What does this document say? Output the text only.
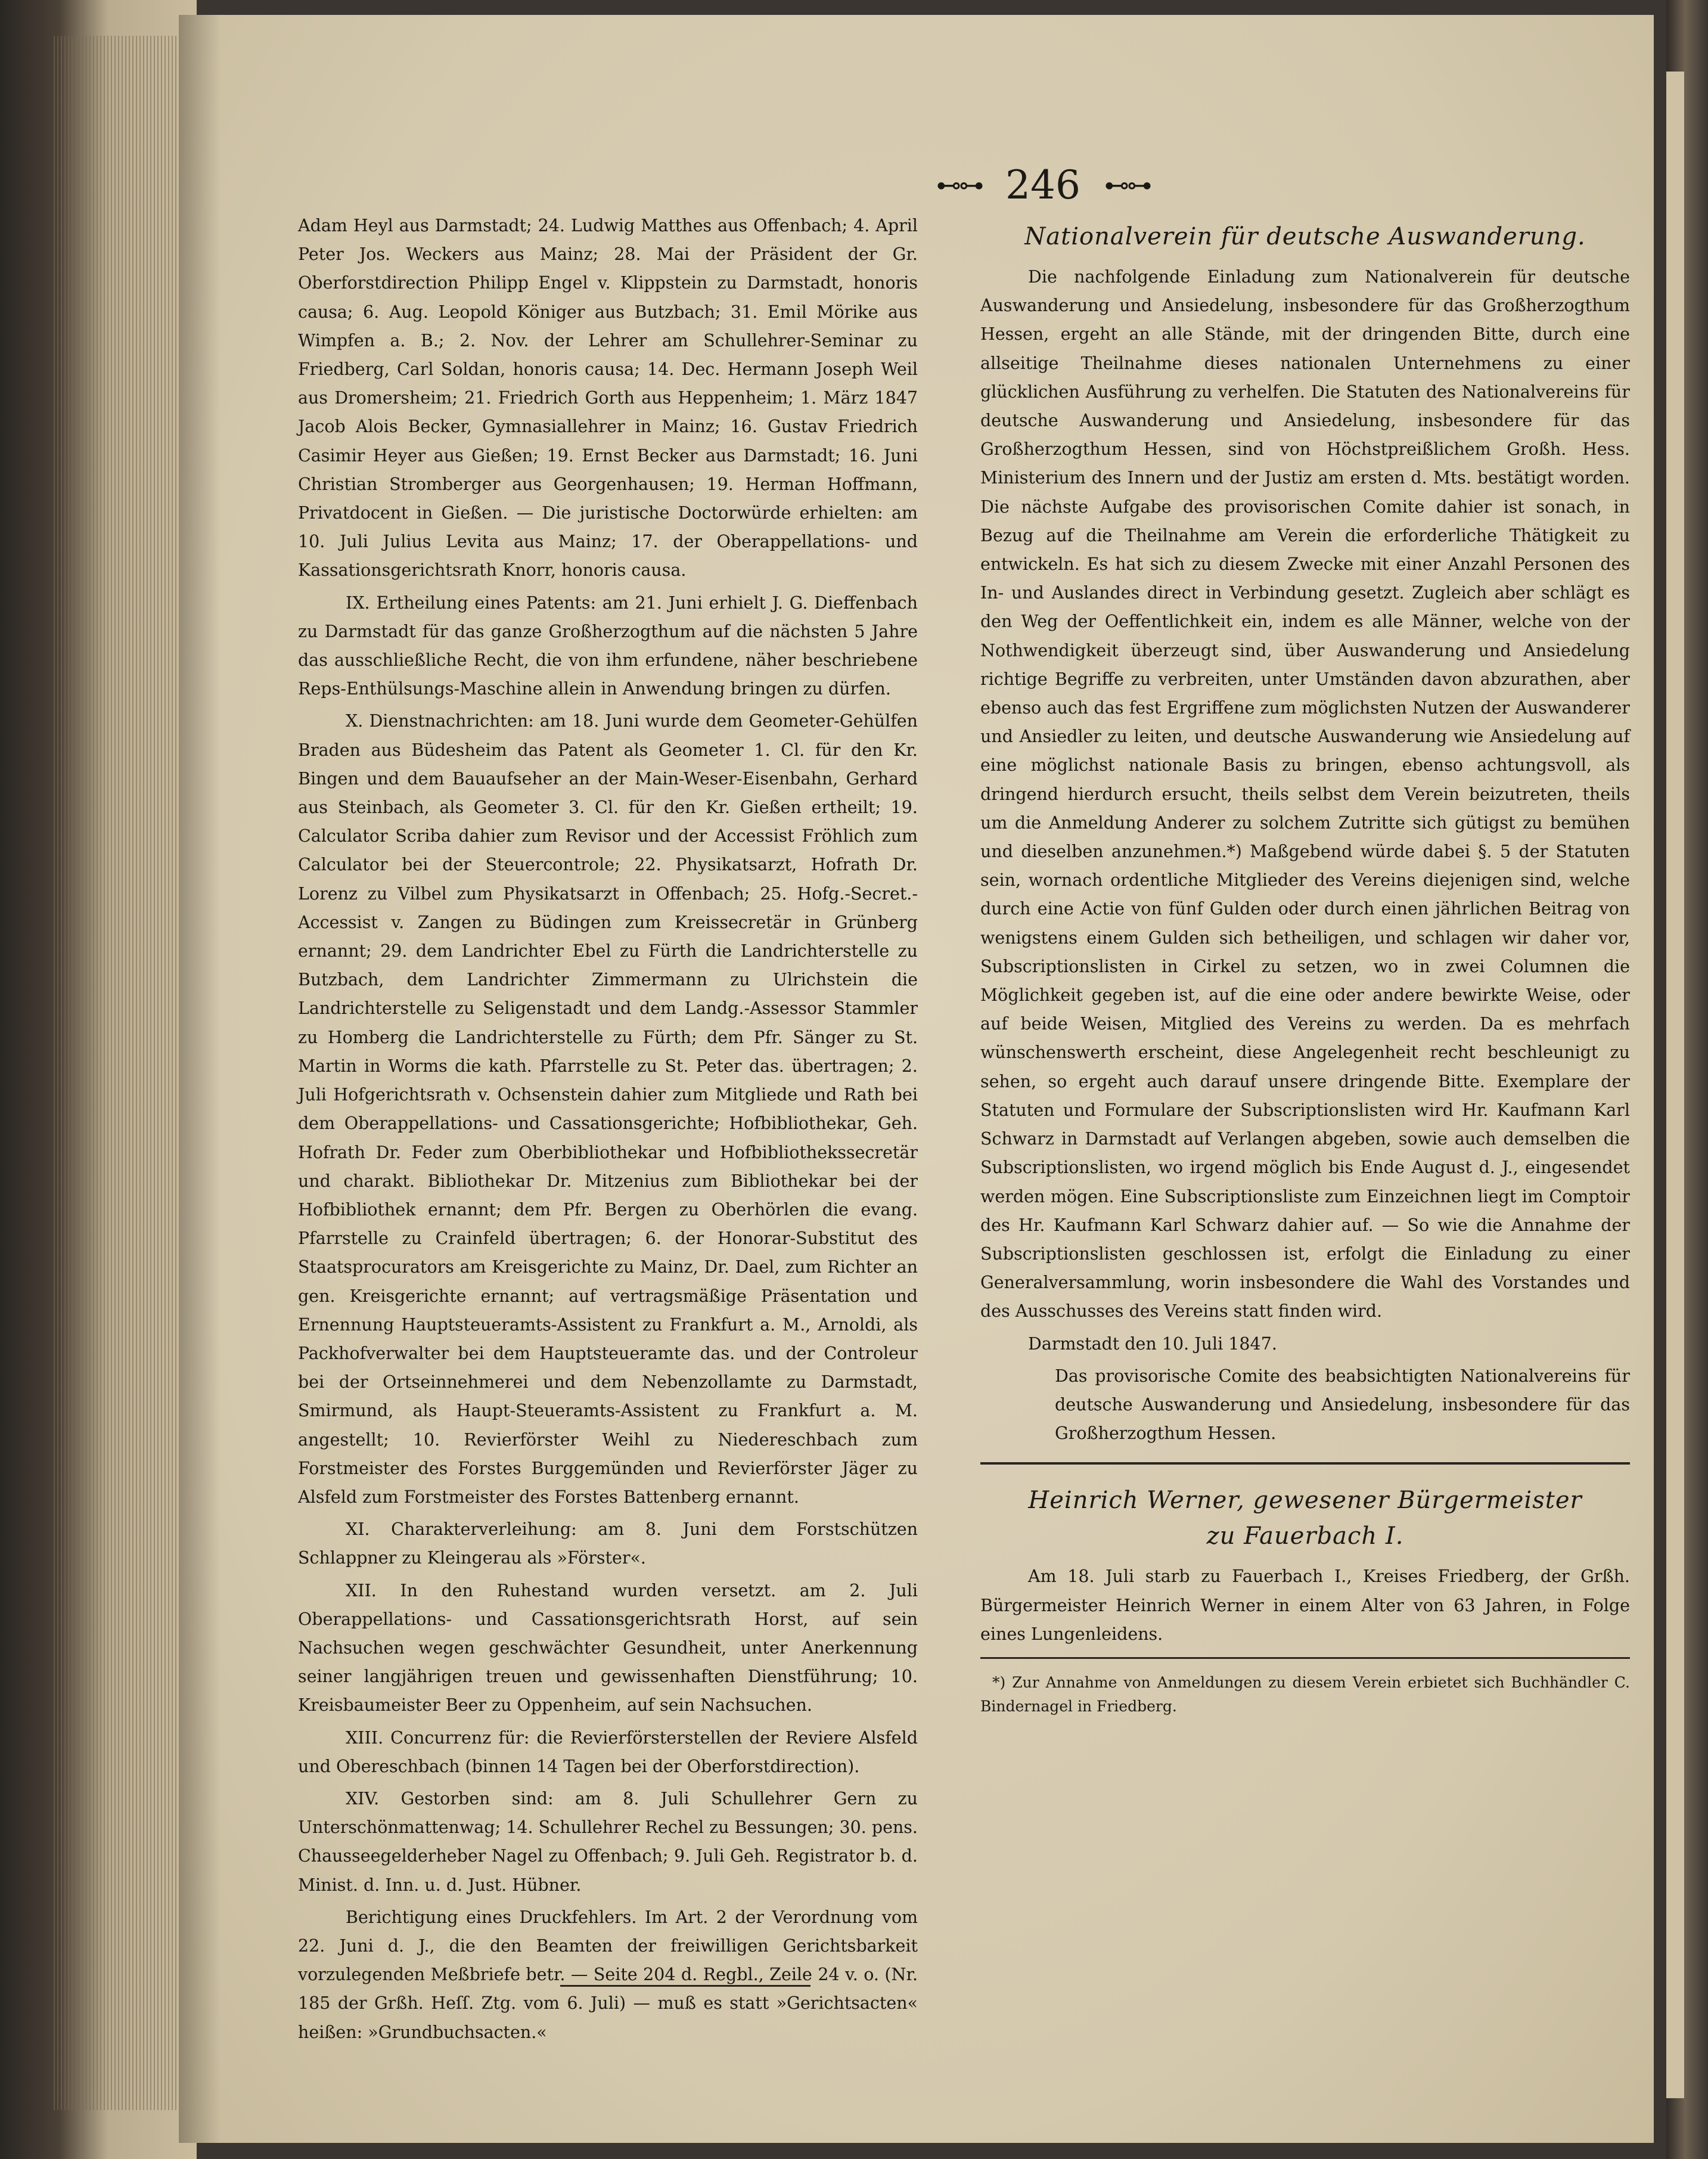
⊷⊶ 246 ⊷⊶

Adam Heyl aus Darmstadt; 24. Ludwig Matthes aus Offenbach; 4. April Peter Jos. Weckers aus Mainz; 28. Mai der Präsident der Gr. Oberforstdirection Philipp Engel v. Klippstein zu Darmstadt, honoris causa; 6. Aug. Leopold Königer aus Butzbach; 31. Emil Mörike aus Wimpfen a. B.; 2. Nov. der Lehrer am Schullehrer-Seminar zu Friedberg, Carl Soldan, honoris causa; 14. Dec. Hermann Joseph Weil aus Dromersheim; 21. Friedrich Gorth aus Heppenheim; 1. März 1847 Jacob Alois Becker, Gymnasiallehrer in Mainz; 16. Gustav Friedrich Casimir Heyer aus Gießen; 19. Ernst Becker aus Darmstadt; 16. Juni Christian Stromberger aus Georgenhausen; 19. Herman Hoffmann, Privatdocent in Gießen. — Die juristische Doctorwürde erhielten: am 10. Juli Julius Levita aus Mainz; 17. der Oberappellations- und Kassationsgerichtsrath Knorr, honoris causa.

IX. Ertheilung eines Patents: am 21. Juni erhielt J. G. Dieffenbach zu Darmstadt für das ganze Großherzogthum auf die nächsten 5 Jahre das ausschließliche Recht, die von ihm erfundene, näher beschriebene Reps-Enthülsungs-Maschine allein in Anwendung bringen zu dürfen.

X. Dienstnachrichten: am 18. Juni wurde dem Geometer-Gehülfen Braden aus Büdesheim das Patent als Geometer 1. Cl. für den Kr. Bingen und dem Bauaufseher an der Main-Weser-Eisenbahn, Gerhard aus Steinbach, als Geometer 3. Cl. für den Kr. Gießen ertheilt; 19. Calculator Scriba dahier zum Revisor und der Accessist Fröhlich zum Calculator bei der Steuercontrole; 22. Physikatsarzt, Hofrath Dr. Lorenz zu Vilbel zum Physikatsarzt in Offenbach; 25. Hofg.-Secret.-Accessist v. Zangen zu Büdingen zum Kreissecretär in Grünberg ernannt; 29. dem Landrichter Ebel zu Fürth die Landrichterstelle zu Butzbach, dem Landrichter Zimmermann zu Ulrichstein die Landrichterstelle zu Seligenstadt und dem Landg.-Assessor Stammler zu Homberg die Landrichterstelle zu Fürth; dem Pfr. Sänger zu St. Martin in Worms die kath. Pfarrstelle zu St. Peter das. übertragen; 2. Juli Hofgerichtsrath v. Ochsenstein dahier zum Mitgliede und Rath bei dem Oberappellations- und Cassationsgerichte; Hofbibliothekar, Geh. Hofrath Dr. Feder zum Oberbibliothekar und Hofbibliothekssecretär und charakt. Bibliothekar Dr. Mitzenius zum Bibliothekar bei der Hofbibliothek ernannt; dem Pfr. Bergen zu Oberhörlen die evang. Pfarrstelle zu Crainfeld übertragen; 6. der Honorar-Substitut des Staatsprocurators am Kreisgerichte zu Mainz, Dr. Dael, zum Richter an gen. Kreisgerichte ernannt; auf vertragsmäßige Präsentation und Ernennung Hauptsteueramts-Assistent zu Frankfurt a. M., Arnoldi, als Packhofverwalter bei dem Hauptsteueramte das. und der Controleur bei der Ortseinnehmerei und dem Nebenzollamte zu Darmstadt, Smirmund, als Haupt-Steueramts-Assistent zu Frankfurt a. M. angestellt; 10. Revierförster Weihl zu Niedereschbach zum Forstmeister des Forstes Burggemünden und Revierförster Jäger zu Alsfeld zum Forstmeister des Forstes Battenberg ernannt.

XI. Charakterverleihung: am 8. Juni dem Forstschützen Schlappner zu Kleingerau als »Förster«.

XII. In den Ruhestand wurden versetzt. am 2. Juli Oberappellations- und Cassationsgerichtsrath Horst, auf sein Nachsuchen wegen geschwächter Gesundheit, unter Anerkennung seiner langjährigen treuen und gewissenhaften Dienstführung; 10. Kreisbaumeister Beer zu Oppenheim, auf sein Nachsuchen.

XIII. Concurrenz für: die Revierförsterstellen der Reviere Alsfeld und Obereschbach (binnen 14 Tagen bei der Oberforstdirection).

XIV. Gestorben sind: am 8. Juli Schullehrer Gern zu Unterschönmattenwag; 14. Schullehrer Rechel zu Bessungen; 30. pens. Chausseegelderheber Nagel zu Offenbach; 9. Juli Geh. Registrator b. d. Minist. d. Inn. u. d. Just. Hübner.

Berichtigung eines Druckfehlers. Im Art. 2 der Verordnung vom 22. Juni d. J., die den Beamten der freiwilligen Gerichtsbarkeit vorzulegenden Meßbriefe betr. — Seite 204 d. Regbl., Zeile 24 v. o. (Nr. 185 der Grßh. Heſſ. Ztg. vom 6. Juli) — muß es statt »Gerichtsacten« heißen: »Grundbuchsacten.«

Nationalverein für deutsche Auswanderung.

Die nachfolgende Einladung zum Nationalverein für deutsche Auswanderung und Ansiedelung, insbesondere für das Großherzogthum Hessen, ergeht an alle Stände, mit der dringenden Bitte, durch eine allseitige Theilnahme dieses nationalen Unternehmens zu einer glücklichen Ausführung zu verhelfen. Die Statuten des Nationalvereins für deutsche Auswanderung und Ansiedelung, insbesondere für das Großherzogthum Hessen, sind von Höchstpreißlichem Großh. Hess. Ministerium des Innern und der Justiz am ersten d. Mts. bestätigt worden. Die nächste Aufgabe des provisorischen Comite dahier ist sonach, in Bezug auf die Theilnahme am Verein die erforderliche Thätigkeit zu entwickeln. Es hat sich zu diesem Zwecke mit einer Anzahl Personen des In- und Auslandes direct in Verbindung gesetzt. Zugleich aber schlägt es den Weg der Oeffentlichkeit ein, indem es alle Männer, welche von der Nothwendigkeit überzeugt sind, über Auswanderung und Ansiedelung richtige Begriffe zu verbreiten, unter Umständen davon abzurathen, aber ebenso auch das fest Ergriffene zum möglichsten Nutzen der Auswanderer und Ansiedler zu leiten, und deutsche Auswanderung wie Ansiedelung auf eine möglichst nationale Basis zu bringen, ebenso achtungsvoll, als dringend hierdurch ersucht, theils selbst dem Verein beizutreten, theils um die Anmeldung Anderer zu solchem Zutritte sich gütigst zu bemühen und dieselben anzunehmen.*) Maßgebend würde dabei §. 5 der Statuten sein, wornach ordentliche Mitglieder des Vereins diejenigen sind, welche durch eine Actie von fünf Gulden oder durch einen jährlichen Beitrag von wenigstens einem Gulden sich betheiligen, und schlagen wir daher vor, Subscriptionslisten in Cirkel zu setzen, wo in zwei Columnen die Möglichkeit gegeben ist, auf die eine oder andere bewirkte Weise, oder auf beide Weisen, Mitglied des Vereins zu werden. Da es mehrfach wünschenswerth erscheint, diese Angelegenheit recht beschleunigt zu sehen, so ergeht auch darauf unsere dringende Bitte. Exemplare der Statuten und Formulare der Subscriptionslisten wird Hr. Kaufmann Karl Schwarz in Darmstadt auf Verlangen abgeben, sowie auch demselben die Subscriptionslisten, wo irgend möglich bis Ende August d. J., eingesendet werden mögen. Eine Subscriptionsliste zum Einzeichnen liegt im Comptoir des Hr. Kaufmann Karl Schwarz dahier auf. — So wie die Annahme der Subscriptionslisten geschlossen ist, erfolgt die Einladung zu einer Generalversammlung, worin insbesondere die Wahl des Vorstandes und des Ausschusses des Vereins statt finden wird.

Darmstadt den 10. Juli 1847.

Das provisorische Comite des beabsichtigten Nationalvereins für deutsche Auswanderung und Ansiedelung, insbesondere für das Großherzogthum Hessen.

Heinrich Werner, gewesener Bürgermeister
zu Fauerbach I.

Am 18. Juli starb zu Fauerbach I., Kreises Friedberg, der Grßh. Bürgermeister Heinrich Werner in einem Alter von 63 Jahren, in Folge eines Lungenleidens.

*) Zur Annahme von Anmeldungen zu diesem Verein erbietet sich Buchhändler C. Bindernagel in Friedberg.
